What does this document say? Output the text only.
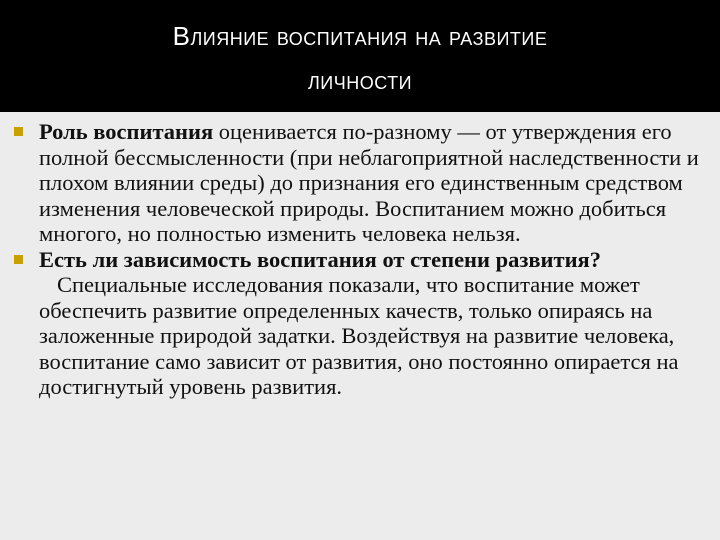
Влияние воспитания на развитие
личности
Роль воспитания оценивается по-разному — от утверждения его полной бессмысленности (при неблагоприятной наследственности и плохом влиянии среды) до признания его единственным средством изменения человеческой природы. Воспитанием можно добиться многого, но полностью изменить человека нельзя.
Есть ли зависимость воспитания от степени развития?
Специальные исследования показали, что воспитание может обеспечить развитие определенных качеств, только опираясь на заложенные природой задатки. Воздействуя на развитие человека, воспитание само зависит от развития, оно постоянно опирается на достигнутый уровень развития.
